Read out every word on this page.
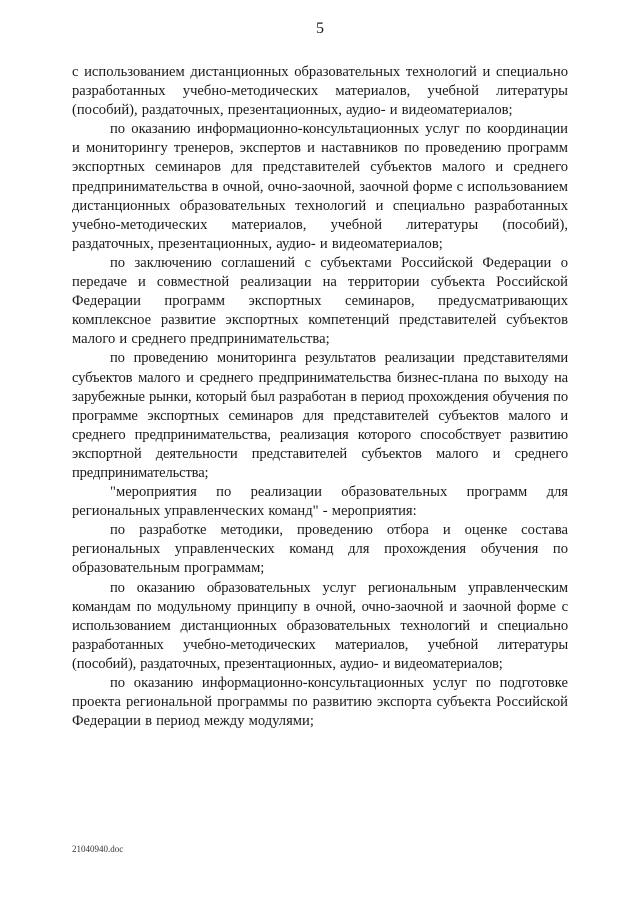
5

с использованием дистанционных образовательных технологий и специально разработанных учебно-методических материалов, учебной литературы (пособий), раздаточных, презентационных, аудио- и видеоматериалов;

по оказанию информационно-консультационных услуг по координации и мониторингу тренеров, экспертов и наставников по проведению программ экспортных семинаров для представителей субъектов малого и среднего предпринимательства в очной, очно-заочной, заочной форме с использованием дистанционных образовательных технологий и специально разработанных учебно-методических материалов, учебной литературы (пособий), раздаточных, презентационных, аудио- и видеоматериалов;

по заключению соглашений с субъектами Российской Федерации о передаче и совместной реализации на территории субъекта Российской Федерации программ экспортных семинаров, предусматривающих комплексное развитие экспортных компетенций представителей субъектов малого и среднего предпринимательства;

по проведению мониторинга результатов реализации представителями субъектов малого и среднего предпринимательства бизнес-плана по выходу на зарубежные рынки, который был разработан в период прохождения обучения по программе экспортных семинаров для представителей субъектов малого и среднего предпринимательства, реализация которого способствует развитию экспортной деятельности представителей субъектов малого и среднего предпринимательства;

"мероприятия по реализации образовательных программ для региональных управленческих команд" - мероприятия:

по разработке методики, проведению отбора и оценке состава региональных управленческих команд для прохождения обучения по образовательным программам;

по оказанию образовательных услуг региональным управленческим командам по модульному принципу в очной, очно-заочной и заочной форме с использованием дистанционных образовательных технологий и специально разработанных учебно-методических материалов, учебной литературы (пособий), раздаточных, презентационных, аудио- и видеоматериалов;

по оказанию информационно-консультационных услуг по подготовке проекта региональной программы по развитию экспорта субъекта Российской Федерации в период между модулями;

21040940.doc
